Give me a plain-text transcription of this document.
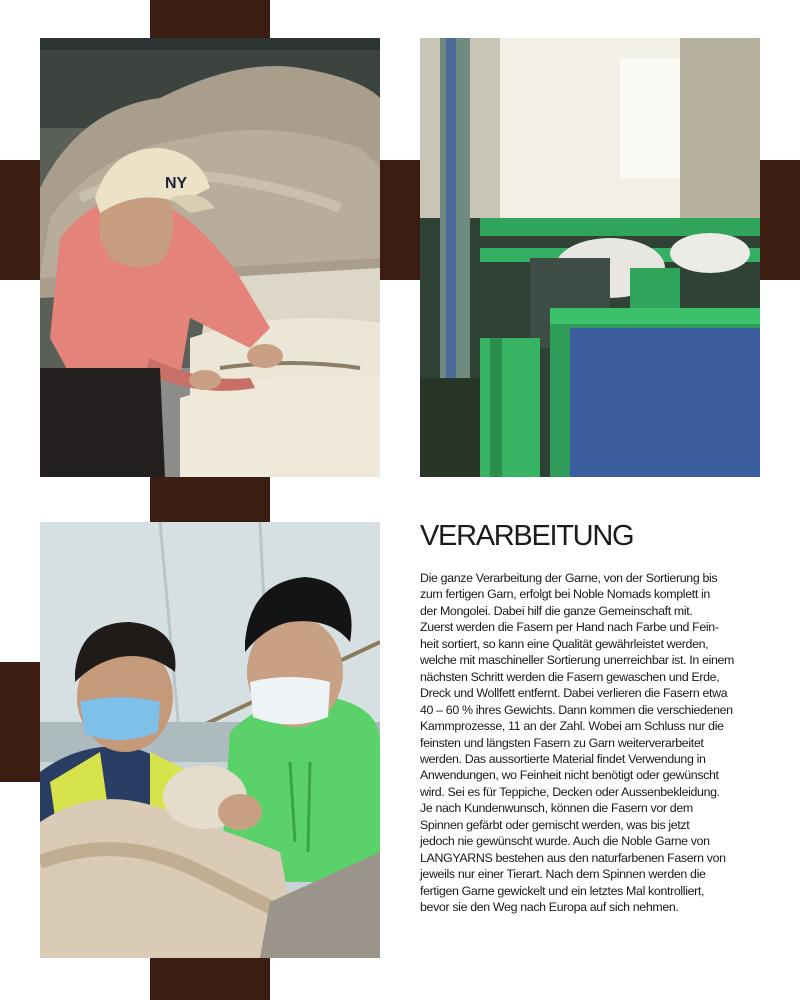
NY
VERARBEITUNG
Die ganze Verarbeitung der Garne, von der Sortierung bis
zum fertigen Garn, erfolgt bei Noble Nomads komplett in
der Mongolei. Dabei hilf die ganze Gemeinschaft mit.
Zuerst werden die Fasern per Hand nach Farbe und Fein-
heit sortiert, so kann eine Qualität gewährleistet werden,
welche mit maschineller Sortierung unerreichbar ist. In einem
nächsten Schritt werden die Fasern gewaschen und Erde,
Dreck und Wollfett entfernt. Dabei verlieren die Fasern etwa
40 – 60 % ihres Gewichts. Dann kommen die verschiedenen
Kammprozesse, 11 an der Zahl. Wobei am Schluss nur die
feinsten und längsten Fasern zu Garn weiterverarbeitet
werden. Das aussortierte Material findet Verwendung in
Anwendungen, wo Feinheit nicht benötigt oder gewünscht
wird. Sei es für Teppiche, Decken oder Aussenbekleidung.
Je nach Kundenwunsch, können die Fasern vor dem
Spinnen gefärbt oder gemischt werden, was bis jetzt
jedoch nie gewünscht wurde. Auch die Noble Garne von
LANGYARNS bestehen aus den naturfarbenen Fasern von
jeweils nur einer Tierart. Nach dem Spinnen werden die
fertigen Garne gewickelt und ein letztes Mal kontrolliert,
bevor sie den Weg nach Europa auf sich nehmen.
